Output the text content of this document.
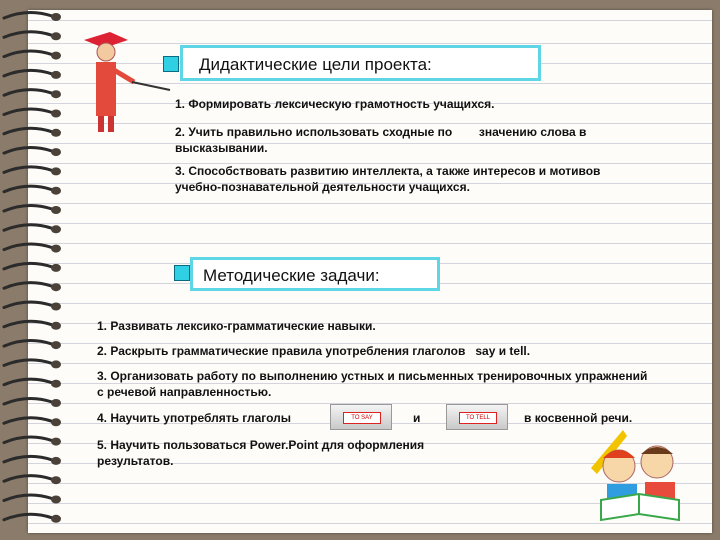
Дидактические цели проекта:
1. Формировать лексическую грамотность учащихся.
2. Учить правильно использовать сходные по        значению слова в высказывании.
3. Способствовать развитию интеллекта, а также интересов и мотивов учебно-познавательной деятельности учащихся.
Методические задачи:
1. Развивать лексико-грамматические навыки.
2. Раскрыть грамматические правила употребления глаголов   say и tell.
3. Организовать работу по выполнению устных и письменных тренировочных упражнений с речевой направленностью.
4. Научить употреблять глаголы	TO SAY	и	TO TELL	в косвенной речи.
5. Научить пользоваться Power.Point для оформления результатов.
